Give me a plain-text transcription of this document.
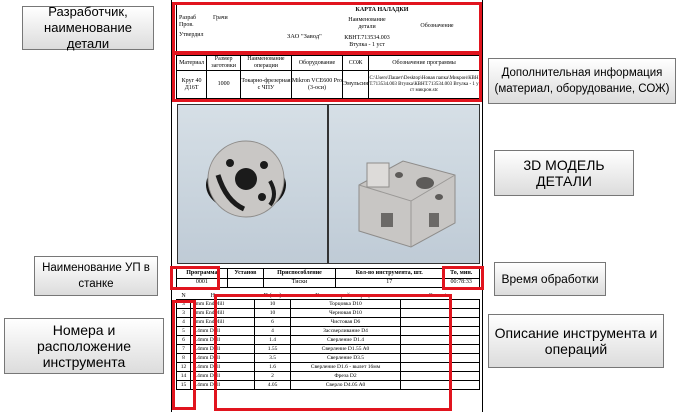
КАРТА НАЛАДКИ
Разраб
Пров.
Утвердил
Грачи
ЗАО "Завод"
Наименование детали
КВНТ.713534.003 Втулка - 1 уст
Обозначение
Материал	Размер заготовки	Наименование операции	Оборудование	СОЖ	Обозначение программы
Круг 40 Д16Т	1000	Токарно-фрезерная с ЧПУ	Mikron VCE600 Pro (3-оси)	Эмульсия	C:\Users\Пашет\Desktop\Новая папка\Микрон\КВНТ.713534.003 Втулка\КВНТ.713534.003 Втулка - 1 уст микрон.stc
Программа	Установ	Приспособление	Кол-во инструмента, шт.	То, мин.
0001		Тиски	17	00:78:33
N	Название	D (мм)	Комментарий операции	Corrector
3	4mm EndMill	10	Торцовка D10	
3	4mm EndMill	10	Черновая D10	
4	1mm EndMill	6	Чистовая D6	
5	2.4mm Drill	4	Зассверливание D4	
6	2.4mm Drill	1.4	Сверление D1.4	
7	2.4mm Drill	1.55	Сверление D1.55 A0	
8	2.4mm Drill	3.5	Сверление D3.5	
12	2.4mm Drill	1.6	Сверление D1.6 - вылет 16мм	
14	2.4mm Drill	2	Фреза D2	
15	2.4mm Drill	4.05	Сверло D4.05 A0	
Разработчик, наименование детали
Дополнительная информация (материал, оборудование, СОЖ)
3D МОДЕЛЬ ДЕТАЛИ
Наименование УП в станке	Время обработки
Номера и расположение инструмента
Описание инструмента и операций
